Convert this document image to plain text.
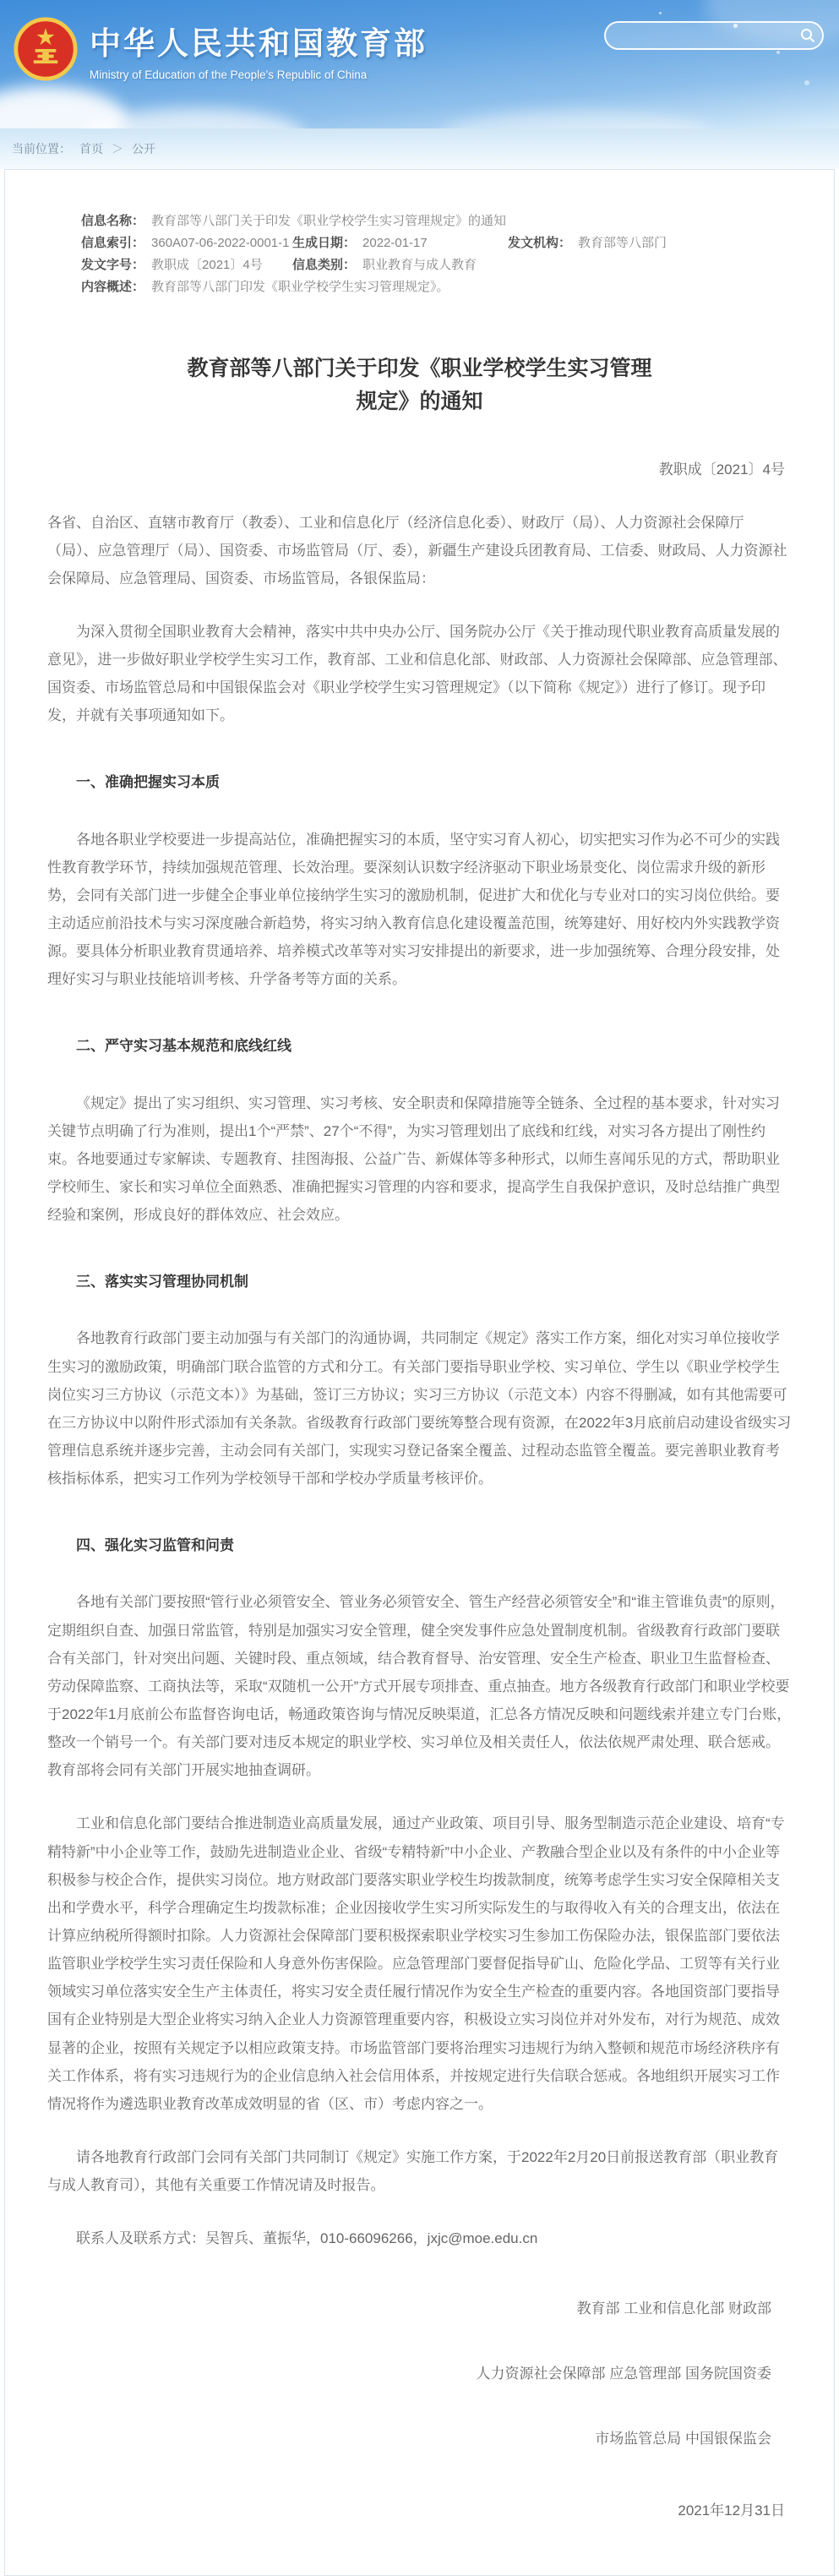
中华人民共和国教育部
Ministry of Education of the People's Republic of China
当前位置： 首页 ＞ 公开
信息名称： 教育部等八部门关于印发《职业学校学生实习管理规定》的通知
信息索引： 360A07-06-2022-0001-1 生成日期： 2022-01-17	发文机构： 教育部等八部门
发文字号： 教职成〔2021〕4号 信息类别： 职业教育与成人教育
内容概述： 教育部等八部门印发《职业学校学生实习管理规定》。
教育部等八部门关于印发《职业学校学生实习管理规定》的通知
教职成〔2021〕4号

各省、自治区、直辖市教育厅（教委）、工业和信息化厅（经济信息化委）、财政厅（局）、人力资源社会保障厅（局）、应急管理厅（局）、国资委、市场监管局（厅、委），新疆生产建设兵团教育局、工信委、财政局、人力资源社会保障局、应急管理局、国资委、市场监管局，各银保监局：

为深入贯彻全国职业教育大会精神，落实中共中央办公厅、国务院办公厅《关于推动现代职业教育高质量发展的意见》，进一步做好职业学校学生实习工作，教育部、工业和信息化部、财政部、人力资源社会保障部、应急管理部、国资委、市场监管总局和中国银保监会对《职业学校学生实习管理规定》（以下简称《规定》）进行了修订。现予印发，并就有关事项通知如下。

一、准确把握实习本质

各地各职业学校要进一步提高站位，准确把握实习的本质，坚守实习育人初心，切实把实习作为必不可少的实践性教育教学环节，持续加强规范管理、长效治理。要深刻认识数字经济驱动下职业场景变化、岗位需求升级的新形势，会同有关部门进一步健全企事业单位接纳学生实习的激励机制，促进扩大和优化与专业对口的实习岗位供给。要主动适应前沿技术与实习深度融合新趋势，将实习纳入教育信息化建设覆盖范围，统筹建好、用好校内外实践教学资源。要具体分析职业教育贯通培养、培养模式改革等对实习安排提出的新要求，进一步加强统筹、合理分段安排，处理好实习与职业技能培训考核、升学备考等方面的关系。

二、严守实习基本规范和底线红线

《规定》提出了实习组织、实习管理、实习考核、安全职责和保障措施等全链条、全过程的基本要求，针对实习关键节点明确了行为准则，提出1个“严禁”、27个“不得”，为实习管理划出了底线和红线，对实习各方提出了刚性约束。各地要通过专家解读、专题教育、挂图海报、公益广告、新媒体等多种形式，以师生喜闻乐见的方式，帮助职业学校师生、家长和实习单位全面熟悉、准确把握实习管理的内容和要求，提高学生自我保护意识，及时总结推广典型经验和案例，形成良好的群体效应、社会效应。

三、落实实习管理协同机制

各地教育行政部门要主动加强与有关部门的沟通协调，共同制定《规定》落实工作方案，细化对实习单位接收学生实习的激励政策，明确部门联合监管的方式和分工。有关部门要指导职业学校、实习单位、学生以《职业学校学生岗位实习三方协议（示范文本）》为基础，签订三方协议；实习三方协议（示范文本）内容不得删减，如有其他需要可在三方协议中以附件形式添加有关条款。省级教育行政部门要统筹整合现有资源，在2022年3月底前启动建设省级实习管理信息系统并逐步完善，主动会同有关部门，实现实习登记备案全覆盖、过程动态监管全覆盖。要完善职业教育考核指标体系，把实习工作列为学校领导干部和学校办学质量考核评价。

四、强化实习监管和问责

各地有关部门要按照“管行业必须管安全、管业务必须管安全、管生产经营必须管安全”和“谁主管谁负责”的原则，定期组织自查、加强日常监管，特别是加强实习安全管理，健全突发事件应急处置制度机制。省级教育行政部门要联合有关部门，针对突出问题、关键时段、重点领域，结合教育督导、治安管理、安全生产检查、职业卫生监督检查、劳动保障监察、工商执法等，采取“双随机一公开”方式开展专项排查、重点抽查。地方各级教育行政部门和职业学校要于2022年1月底前公布监督咨询电话，畅通政策咨询与情况反映渠道，汇总各方情况反映和问题线索并建立专门台账，整改一个销号一个。有关部门要对违反本规定的职业学校、实习单位及相关责任人，依法依规严肃处理、联合惩戒。教育部将会同有关部门开展实地抽查调研。

工业和信息化部门要结合推进制造业高质量发展，通过产业政策、项目引导、服务型制造示范企业建设、培育“专精特新”中小企业等工作，鼓励先进制造业企业、省级“专精特新”中小企业、产教融合型企业以及有条件的中小企业等积极参与校企合作，提供实习岗位。地方财政部门要落实职业学校生均拨款制度，统筹考虑学生实习安全保障相关支出和学费水平，科学合理确定生均拨款标准；企业因接收学生实习所实际发生的与取得收入有关的合理支出，依法在计算应纳税所得额时扣除。人力资源社会保障部门要积极探索职业学校实习生参加工伤保险办法，银保监部门要依法监管职业学校学生实习责任保险和人身意外伤害保险。应急管理部门要督促指导矿山、危险化学品、工贸等有关行业领域实习单位落实安全生产主体责任，将实习安全责任履行情况作为安全生产检查的重要内容。各地国资部门要指导国有企业特别是大型企业将实习纳入企业人力资源管理重要内容，积极设立实习岗位并对外发布，对行为规范、成效显著的企业，按照有关规定予以相应政策支持。市场监管部门要将治理实习违规行为纳入整顿和规范市场经济秩序有关工作体系，将有实习违规行为的企业信息纳入社会信用体系，并按规定进行失信联合惩戒。各地组织开展实习工作情况将作为遴选职业教育改革成效明显的省（区、市）考虑内容之一。

请各地教育行政部门会同有关部门共同制订《规定》实施工作方案，于2022年2月20日前报送教育部（职业教育与成人教育司），其他有关重要工作情况请及时报告。

联系人及联系方式：吴智兵、董振华，010-66096266，jxjc@moe.edu.cn

教育部 工业和信息化部 财政部
人力资源社会保障部 应急管理部 国务院国资委
市场监管总局 中国银保监会
2021年12月31日
